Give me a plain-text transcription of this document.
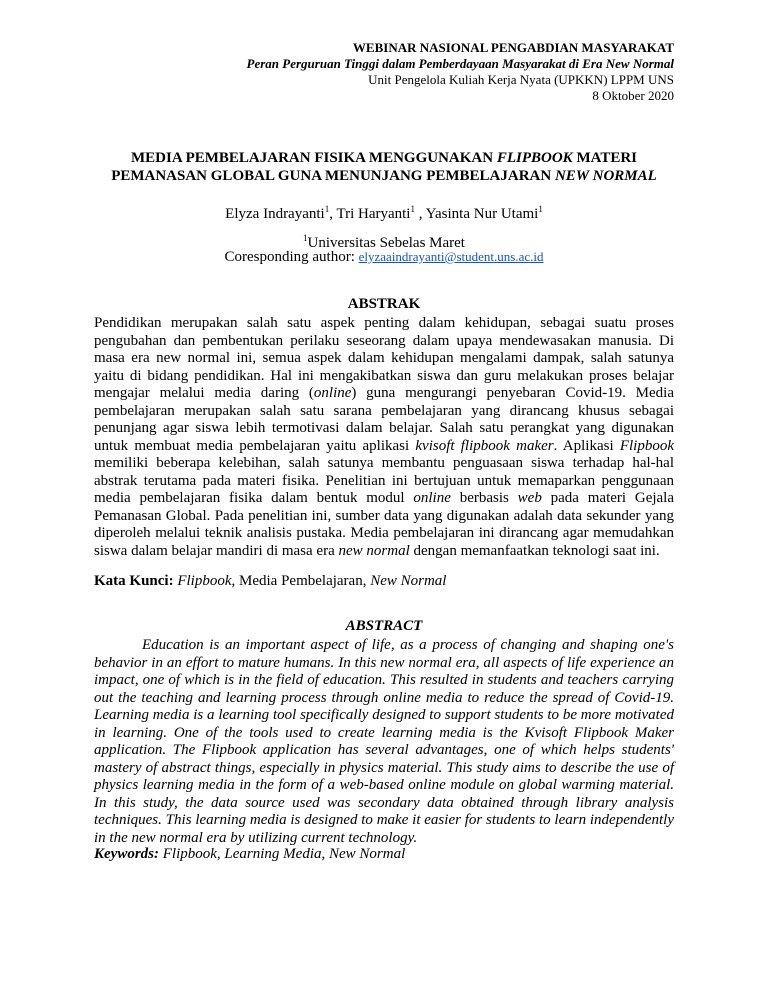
WEBINAR NASIONAL PENGABDIAN MASYARAKAT
Peran Perguruan Tinggi dalam Pemberdayaan Masyarakat di Era New Normal
Unit Pengelola Kuliah Kerja Nyata (UPKKN) LPPM UNS
8 Oktober 2020
MEDIA PEMBELAJARAN FISIKA MENGGUNAKAN FLIPBOOK MATERI
PEMANASAN GLOBAL GUNA MENUNJANG PEMBELAJARAN NEW NORMAL
Elyza Indrayanti$^1$, Tri Haryanti$^1$ , Yasinta Nur Utami$^1$
$^1$Universitas Sebelas Maret
Coresponding author: elyzaaindrayanti@student.uns.ac.id
ABSTRAK
Pendidikan merupakan salah satu aspek penting dalam kehidupan, sebagai suatu proses pengubahan dan pembentukan perilaku seseorang dalam upaya mendewasakan manusia. Di masa era new normal ini, semua aspek dalam kehidupan mengalami dampak, salah satunya yaitu di bidang pendidikan. Hal ini mengakibatkan siswa dan guru melakukan proses belajar mengajar melalui media daring (online) guna mengurangi penyebaran Covid-19. Media pembelajaran merupakan salah satu sarana pembelajaran yang dirancang khusus sebagai penunjang agar siswa lebih termotivasi dalam belajar. Salah satu perangkat yang digunakan untuk membuat media pembelajaran yaitu aplikasi kvisoft flipbook maker. Aplikasi Flipbook memiliki beberapa kelebihan, salah satunya membantu penguasaan siswa terhadap hal-hal abstrak terutama pada materi fisika. Penelitian ini bertujuan untuk memaparkan penggunaan media pembelajaran fisika dalam bentuk modul online berbasis web pada materi Gejala Pemanasan Global. Pada penelitian ini, sumber data yang digunakan adalah data sekunder yang diperoleh melalui teknik analisis pustaka. Media pembelajaran ini dirancang agar memudahkan siswa dalam belajar mandiri di masa era new normal dengan memanfaatkan teknologi saat ini.
Kata Kunci: Flipbook, Media Pembelajaran, New Normal
ABSTRACT
Education is an important aspect of life, as a process of changing and shaping one's behavior in an effort to mature humans. In this new normal era, all aspects of life experience an impact, one of which is in the field of education. This resulted in students and teachers carrying out the teaching and learning process through online media to reduce the spread of Covid-19. Learning media is a learning tool specifically designed to support students to be more motivated in learning. One of the tools used to create learning media is the Kvisoft Flipbook Maker application. The Flipbook application has several advantages, one of which helps students' mastery of abstract things, especially in physics material. This study aims to describe the use of physics learning media in the form of a web-based online module on global warming material. In this study, the data source used was secondary data obtained through library analysis techniques. This learning media is designed to make it easier for students to learn independently in the new normal era by utilizing current technology.
Keywords: Flipbook, Learning Media, New Normal
